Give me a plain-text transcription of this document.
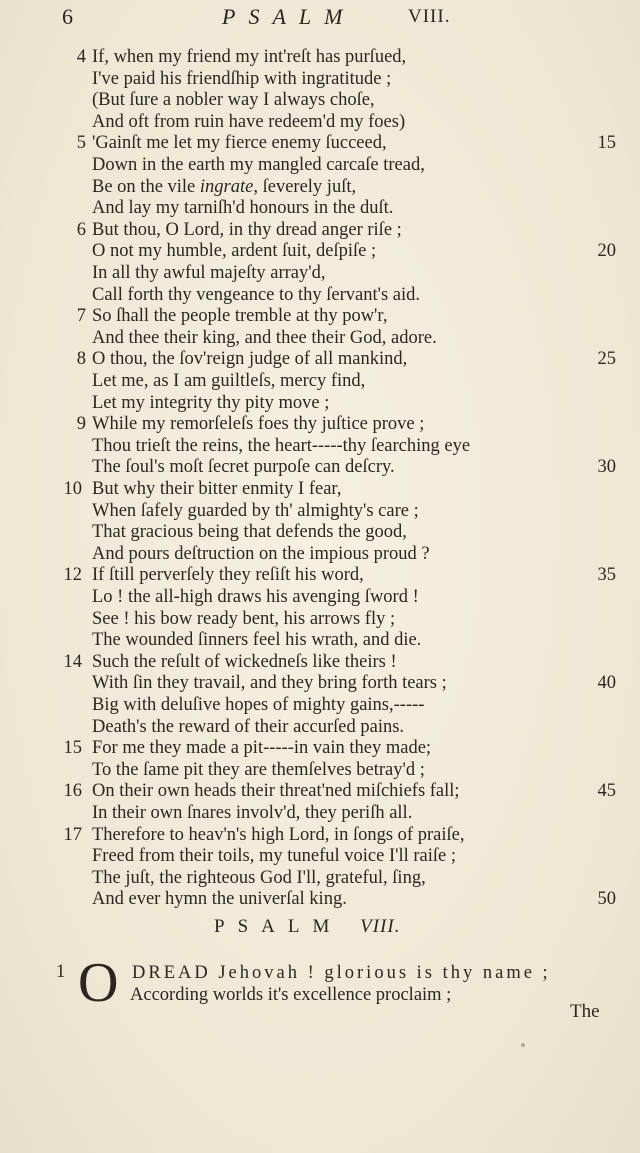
6	PSALM	VIII.
4 If, when my friend my int'reſt has purſued,
I've paid his friendſhip with ingratitude ;
(But ſure a nobler way I always choſe,
And oft from ruin have redeem'd my foes)
5 'Gainſt me let my fierce enemy ſucceed,	15
Down in the earth my mangled carcaſe tread,
Be on the vile ingrate, ſeverely juſt,
And lay my tarniſh'd honours in the duſt.
6 But thou, O Lord, in thy dread anger riſe ;
O not my humble, ardent ſuit, deſpiſe ;	20
In all thy awful majeſty array'd,
Call forth thy vengeance to thy ſervant's aid.
7 So ſhall the people tremble at thy pow'r,
And thee their king, and thee their God, adore.
8 O thou, the ſov'reign judge of all mankind,	25
Let me, as I am guiltleſs, mercy find,
Let my integrity thy pity move ;
9 While my remorſeleſs foes thy juſtice prove ;
Thou trieſt the reins, the heart-----thy ſearching eye
The ſoul's moſt ſecret purpoſe can deſcry.	30
10 But why their bitter enmity I fear,
When ſafely guarded by th' almighty's care ;
That gracious being that defends the good,
And pours deſtruction on the impious proud ?
12 If ſtill perverſely they reſiſt his word,	35
Lo ! the all-high draws his avenging ſword !
See ! his bow ready bent, his arrows fly ;
The wounded ſinners feel his wrath, and die.
14 Such the reſult of wickedneſs like theirs !
With ſin they travail, and they bring forth tears ;	40
Big with deluſive hopes of mighty gains,-----
Death's the reward of their accurſed pains.
15 For me they made a pit-----in vain they made;
To the ſame pit they are themſelves betray'd ;
16 On their own heads their threat'ned miſchiefs fall;	45
In their own ſnares involv'd, they periſh all.
17 Therefore to heav'n's high Lord, in ſongs of praiſe,
Freed from their toils, my tuneful voice I'll raiſe ;
The juſt, the righteous God I'll, grateful, ſing,
And ever hymn the univerſal king.	50
PSALM VIII.
1 O DREAD Jehovah ! glorious is thy name ;
According worlds it's excellence proclaim ;
The
